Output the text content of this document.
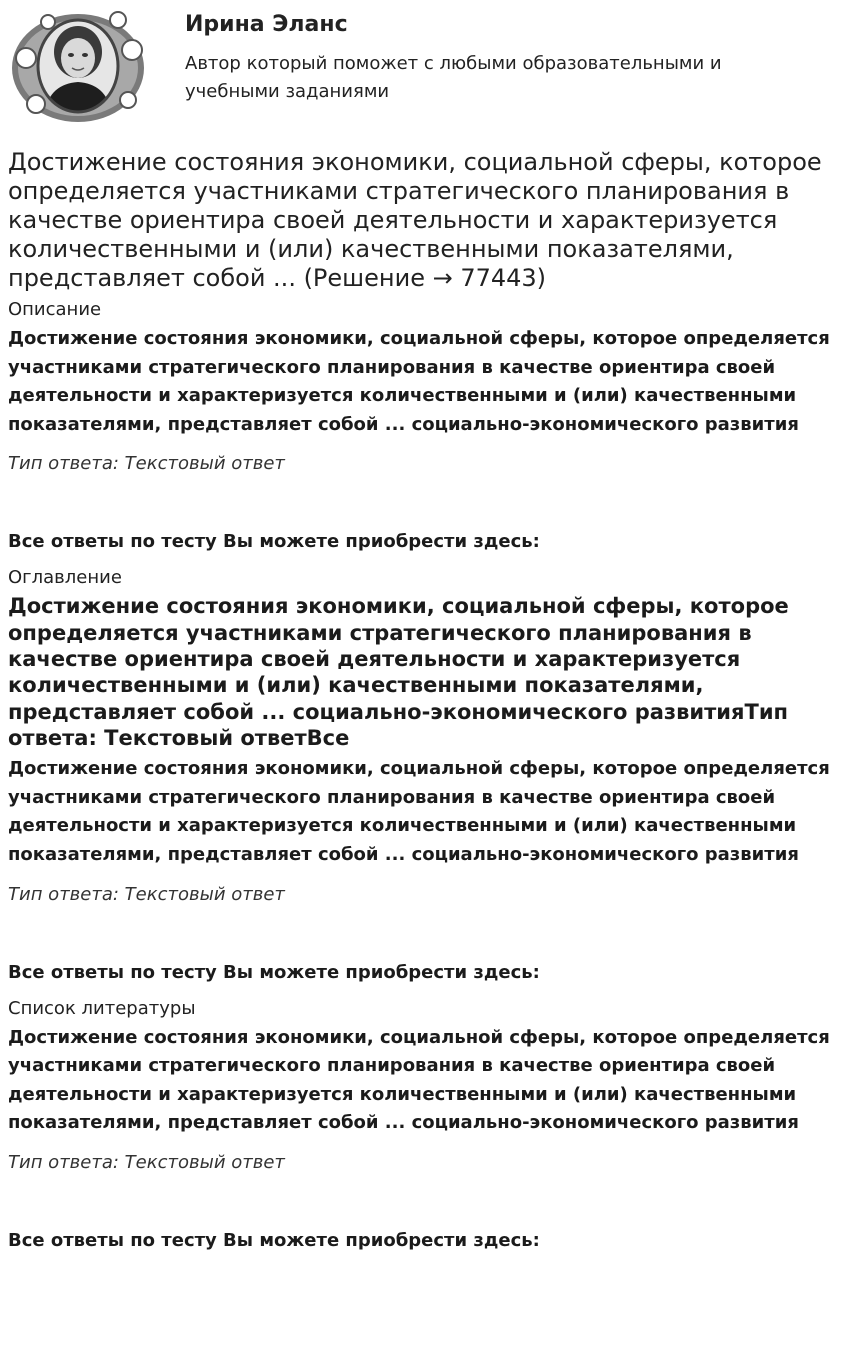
Ирина Эланс
Автор который поможет с любыми образовательными и учебными заданиями
Достижение состояния экономики, социальной сферы, которое определяется участниками стратегического планирования в качестве ориентира своей деятельности и характеризуется количественными и (или) качественными показателями, представляет собой ... (Решение → 77443)
Описание
Достижение состояния экономики, социальной сферы, которое определяется участниками стратегического планирования в качестве ориентира своей деятельности и характеризуется количественными и (или) качественными показателями, представляет собой ... социально-экономического развития
Тип ответа: Текстовый ответ
Все ответы по тесту Вы можете приобрести здесь:
Оглавление
Достижение состояния экономики, социальной сферы, которое определяется участниками стратегического планирования в качестве ориентира своей деятельности и характеризуется количественными и (или) качественными показателями, представляет собой ... социально-экономического развитияТип ответа: Текстовый ответВсе
Достижение состояния экономики, социальной сферы, которое определяется участниками стратегического планирования в качестве ориентира своей деятельности и характеризуется количественными и (или) качественными показателями, представляет собой ... социально-экономического развития
Тип ответа: Текстовый ответ
Все ответы по тесту Вы можете приобрести здесь:
Список литературы
Достижение состояния экономики, социальной сферы, которое определяется участниками стратегического планирования в качестве ориентира своей деятельности и характеризуется количественными и (или) качественными показателями, представляет собой ... социально-экономического развития
Тип ответа: Текстовый ответ
Все ответы по тесту Вы можете приобрести здесь:
